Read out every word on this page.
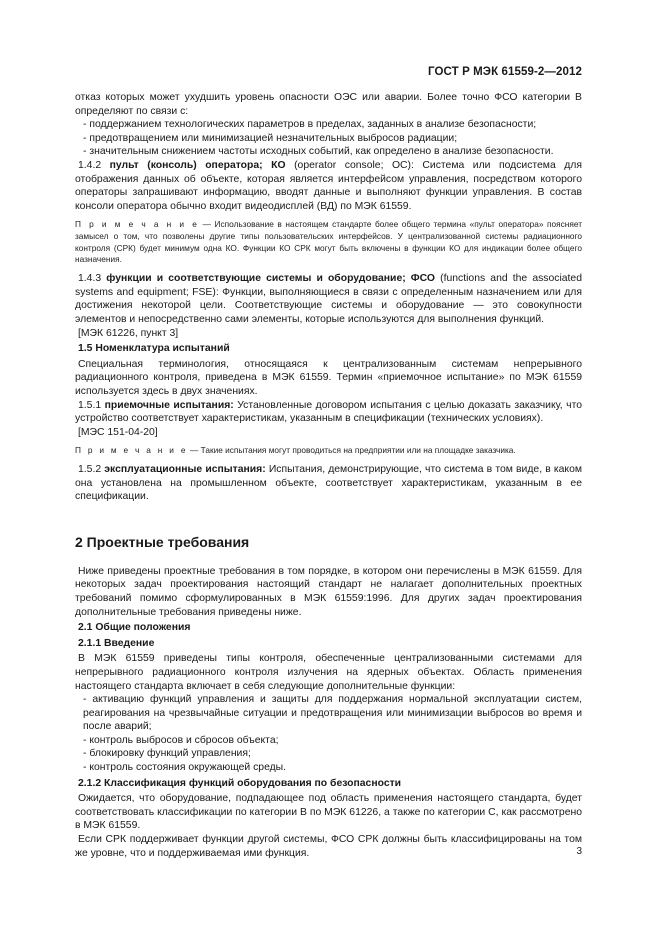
ГОСТ Р МЭК 61559-2—2012

отказ которых может ухудшить уровень опасности ОЭС или аварии. Более точно ФСО категории В определяют по связи с:

- поддержанием технологических параметров в пределах, заданных в анализе безопасности;

- предотвращением или минимизацией незначительных выбросов радиации;

- значительным снижением частоты исходных событий, как определено в анализе безопасности.

1.4.2 пульт (консоль) оператора; КО (operator console; OC): Система или подсистема для отображения данных об объекте, которая является интерфейсом управления, посредством которого операторы запрашивают информацию, вводят данные и выполняют функции управления. В состав консоли оператора обычно входит видеодисплей (ВД) по МЭК 61559.

П р и м е ч а н и е — Использование в настоящем стандарте более общего термина «пульт оператора» поясняет замысел о том, что позволены другие типы пользовательских интерфейсов. У централизованной системы радиационного контроля (СРК) будет минимум одна КО. Функции КО СРК могут быть включены в функции КО для индикации более общего назначения.

1.4.3 функции и соответствующие системы и оборудование; ФСО (functions and the associated systems and equipment; FSE): Функции, выполняющиеся в связи с определенным назначением или для достижения некоторой цели. Соответствующие системы и оборудование — это совокупности элементов и непосредственно сами элементы, которые используются для выполнения функций.

[МЭК 61226, пункт 3]

1.5 Номенклатура испытаний

Специальная терминология, относящаяся к централизованным системам непрерывного радиационного контроля, приведена в МЭК 61559. Термин «приемочное испытание» по МЭК 61559 используется здесь в двух значениях.

1.5.1 приемочные испытания: Установленные договором испытания с целью доказать заказчику, что устройство соответствует характеристикам, указанным в спецификации (технических условиях).

[МЭС 151-04-20]

П р и м е ч а н и е — Такие испытания могут проводиться на предприятии или на площадке заказчика.

1.5.2 эксплуатационные испытания: Испытания, демонстрирующие, что система в том виде, в каком она установлена на промышленном объекте, соответствует характеристикам, указанным в ее спецификации.

2 Проектные требования

Ниже приведены проектные требования в том порядке, в котором они перечислены в МЭК 61559. Для некоторых задач проектирования настоящий стандарт не налагает дополнительных проектных требований помимо сформулированных в МЭК 61559:1996. Для других задач проектирования дополнительные требования приведены ниже.

2.1 Общие положения

2.1.1 Введение

В МЭК 61559 приведены типы контроля, обеспеченные централизованными системами для непрерывного радиационного контроля излучения на ядерных объектах. Область применения настоящего стандарта включает в себя следующие дополнительные функции:

- активацию функций управления и защиты для поддержания нормальной эксплуатации систем, реагирования на чрезвычайные ситуации и предотвращения или минимизации выбросов во время и после аварий;

- контроль выбросов и сбросов объекта;

- блокировку функций управления;

- контроль состояния окружающей среды.

2.1.2 Классификация функций оборудования по безопасности

Ожидается, что оборудование, подпадающее под область применения настоящего стандарта, будет соответствовать классификации по категории В по МЭК 61226, а также по категории С, как рассмотрено в МЭК 61559.

Если СРК поддерживает функции другой системы, ФСО СРК должны быть классифицированы на том же уровне, что и поддерживаемая ими функция.	3
